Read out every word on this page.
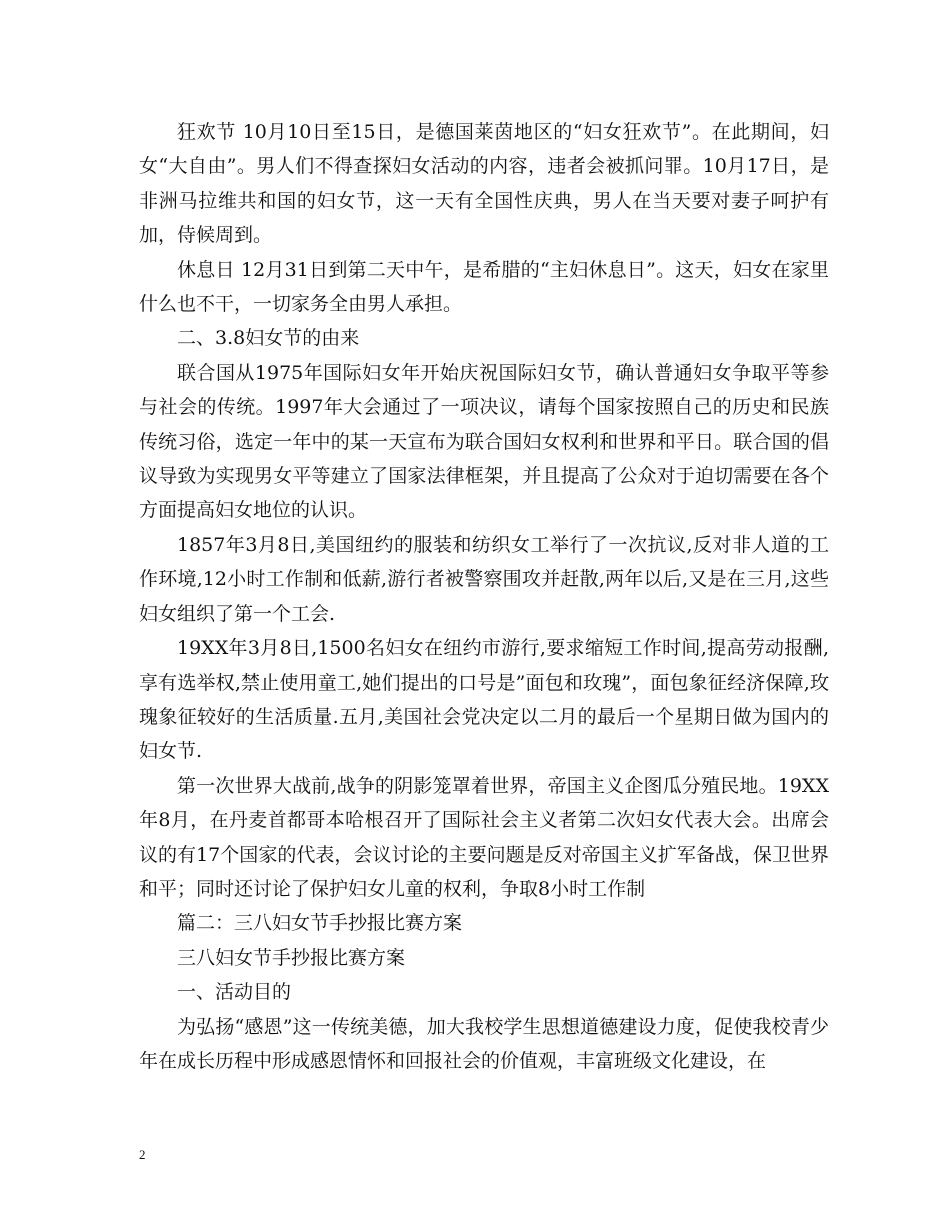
狂欢节 10月10日至15日，是德国莱茵地区的“妇女狂欢节”。在此期间，妇女“大自由”。男人们不得查探妇女活动的内容，违者会被抓问罪。10月17日，是非洲马拉维共和国的妇女节，这一天有全国性庆典，男人在当天要对妻子呵护有加，侍候周到。

休息日 12月31日到第二天中午，是希腊的“主妇休息日”。这天，妇女在家里什么也不干，一切家务全由男人承担。

二、3.8妇女节的由来

联合国从1975年国际妇女年开始庆祝国际妇女节，确认普通妇女争取平等参与社会的传统。1997年大会通过了一项决议，请每个国家按照自己的历史和民族传统习俗，选定一年中的某一天宣布为联合国妇女权利和世界和平日。联合国的倡议导致为实现男女平等建立了国家法律框架，并且提高了公众对于迫切需要在各个方面提高妇女地位的认识。

1857年3月8日,美国纽约的服装和纺织女工举行了一次抗议,反对非人道的工作环境,12小时工作制和低薪,游行者被警察围攻并赶散,两年以后,又是在三月,这些妇女组织了第一个工会.

19XX年3月8日,1500名妇女在纽约市游行,要求缩短工作时间,提高劳动报酬,享有选举权,禁止使用童工,她们提出的口号是”面包和玫瑰”，面包象征经济保障,玫瑰象征较好的生活质量.五月,美国社会党决定以二月的最后一个星期日做为国内的妇女节.

第一次世界大战前,战争的阴影笼罩着世界，帝国主义企图瓜分殖民地。19XX年8月，在丹麦首都哥本哈根召开了国际社会主义者第二次妇女代表大会。出席会议的有17个国家的代表，会议讨论的主要问题是反对帝国主义扩军备战，保卫世界和平；同时还讨论了保护妇女儿童的权利，争取8小时工作制

篇二：三八妇女节手抄报比赛方案

三八妇女节手抄报比赛方案

一、活动目的

为弘扬“感恩”这一传统美德，加大我校学生思想道德建设力度，促使我校青少年在成长历程中形成感恩情怀和回报社会的价值观，丰富班级文化建设，在

2
